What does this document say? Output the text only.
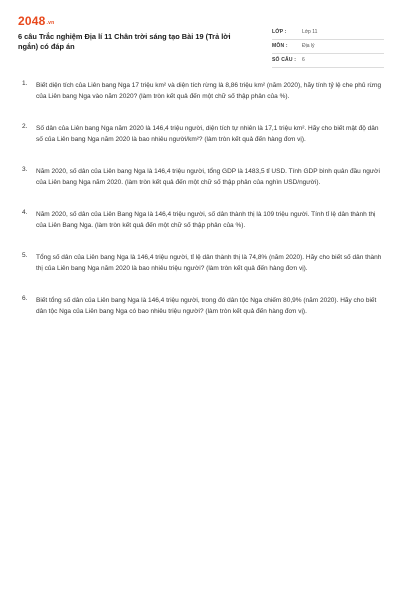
2048.vn
6 câu Trắc nghiệm Địa lí 11 Chân trời sáng tạo Bài 19 (Trả lời ngắn) có đáp án
LỚP :	Lớp 11
MÔN :	Địa lý
SỐ CÂU : 6
1. Biết diện tích của Liên bang Nga 17 triệu km² và diện tích rừng là 8,86 triệu km² (năm 2020), hãy tính tỷ lệ che phủ rừng của Liên bang Nga vào năm 2020? (làm tròn kết quả đến một chữ số thập phân của %).
2. Số dân của Liên bang Nga năm 2020 là 146,4 triệu người, diện tích tự nhiên là 17,1 triệu km². Hãy cho biết mật độ dân số của Liên bang Nga năm 2020 là bao nhiêu người/km²? (làm tròn kết quả đến hàng đơn vị).
3. Năm 2020, số dân của Liên bang Nga là 146,4 triệu người, tổng GDP là 1483,5 tỉ USD. Tính GDP bình quân đầu người của Liên bang Nga năm 2020. (làm tròn kết quả đến một chữ số thập phân của nghìn USD/người).
4. Năm 2020, số dân của Liên Bang Nga là 146,4 triệu người, số dân thành thị là 109 triệu người. Tính tỉ lệ dân thành thị của Liên Bang Nga. (làm tròn kết quả đến một chữ số thập phân của %).
5. Tổng số dân của Liên bang Nga là 146,4 triệu người, tỉ lệ dân thành thị là 74,8% (năm 2020). Hãy cho biết số dân thành thị của Liên bang Nga năm 2020 là bao nhiêu triệu người? (làm tròn kết quả đến hàng đơn vị).
6. Biết tổng số dân của Liên bang Nga là 146,4 triệu người, trong đó dân tộc Nga chiếm 80,9% (năm 2020). Hãy cho biết dân tộc Nga của Liên bang Nga có bao nhiêu triệu người? (làm tròn kết quả đến hàng đơn vị).
